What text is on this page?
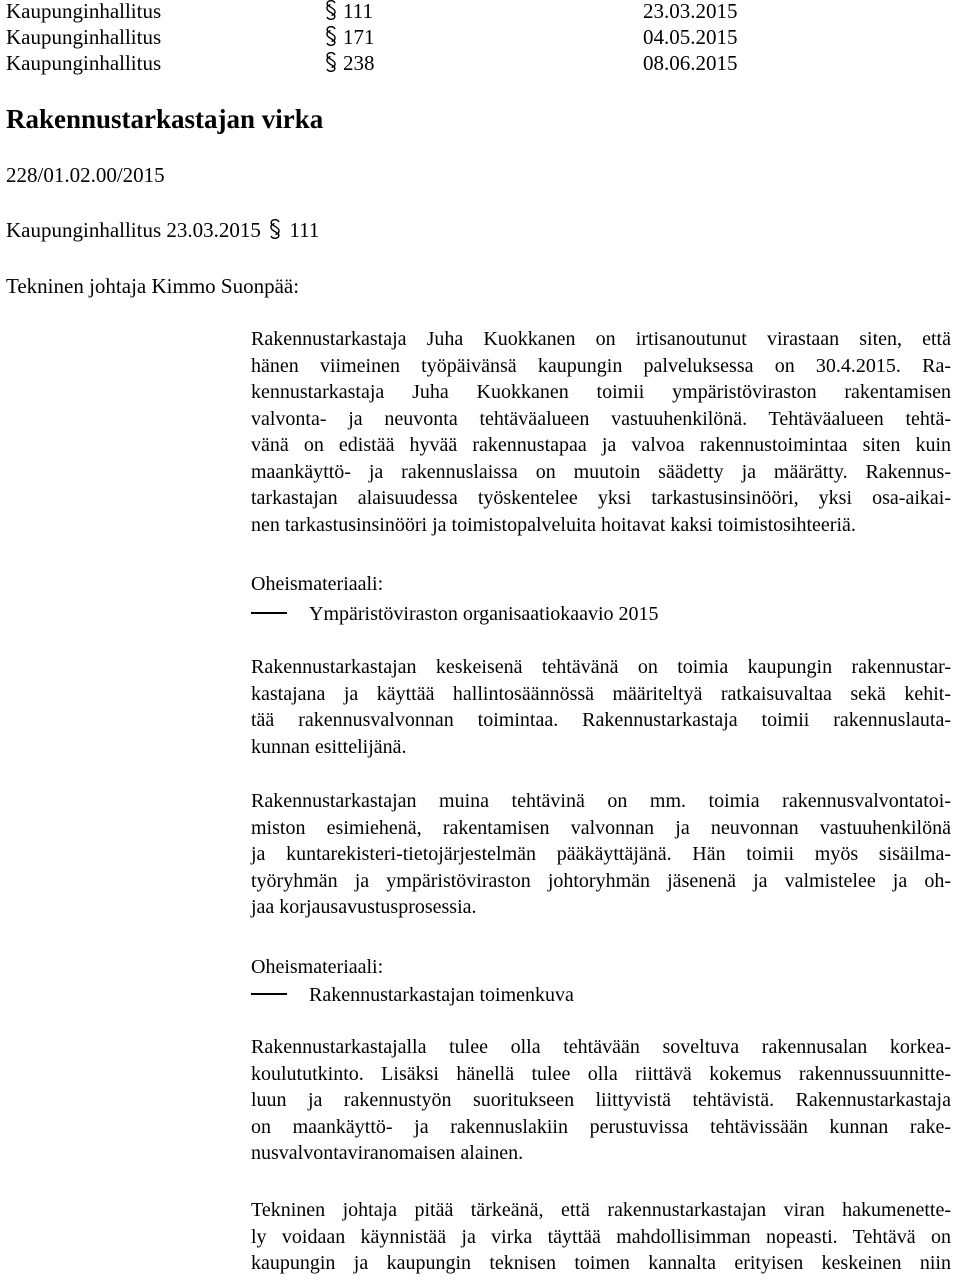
Kaupunginhallitus	111	23.03.2015
Kaupunginhallitus	171	04.05.2015
Kaupunginhallitus	238	08.06.2015
Rakennustarkastajan virka
228/01.02.00/2015
Kaupunginhallitus 23.03.2015 111
Tekninen johtaja Kimmo Suonpää:
Rakennustarkastaja Juha Kuokkanen on irtisanoutunut virastaan siten, että
hänen viimeinen työpäivänsä kaupungin palveluksessa on 30.4.2015. Ra-
kennustarkastaja Juha Kuokkanen toimii ympäristöviraston rakentamisen
valvonta- ja neuvonta tehtäväalueen vastuuhenkilönä. Tehtäväalueen tehtä-
vänä on edistää hyvää rakennustapaa ja valvoa rakennustoimintaa siten kuin
maankäyttö- ja rakennuslaissa on muutoin säädetty ja määrätty. Rakennus-
tarkastajan alaisuudessa työskentelee yksi tarkastusinsinööri, yksi osa-aikai-
nen tarkastusinsinööri ja toimistopalveluita hoitavat kaksi toimistosihteeriä.
Oheismateriaali:
Ympäristöviraston organisaatiokaavio 2015
Rakennustarkastajan keskeisenä tehtävänä on toimia kaupungin rakennustar-
kastajana ja käyttää hallintosäännössä määriteltyä ratkaisuvaltaa sekä kehit-
tää rakennusvalvonnan toimintaa. Rakennustarkastaja toimii rakennuslauta-
kunnan esittelijänä.
Rakennustarkastajan muina tehtävinä on mm. toimia rakennusvalvontatoi-
miston esimiehenä, rakentamisen valvonnan ja neuvonnan vastuuhenkilönä
ja kuntarekisteri-tietojärjestelmän pääkäyttäjänä. Hän toimii myös sisäilma-
työryhmän ja ympäristöviraston johtoryhmän jäsenenä ja valmistelee ja oh-
jaa korjausavustusprosessia.
Oheismateriaali:
Rakennustarkastajan toimenkuva
Rakennustarkastajalla tulee olla tehtävään soveltuva rakennusalan korkea-
koulututkinto. Lisäksi hänellä tulee olla riittävä kokemus rakennussuunnitte-
luun ja rakennustyön suoritukseen liittyvistä tehtävistä. Rakennustarkastaja
on maankäyttö- ja rakennuslakiin perustuvissa tehtävissään kunnan rake-
nusvalvontaviranomaisen alainen.
Tekninen johtaja pitää tärkeänä, että rakennustarkastajan viran hakumenette-
ly voidaan käynnistää ja virka täyttää mahdollisimman nopeasti. Tehtävä on
kaupungin ja kaupungin teknisen toimen kannalta erityisen keskeinen niin
